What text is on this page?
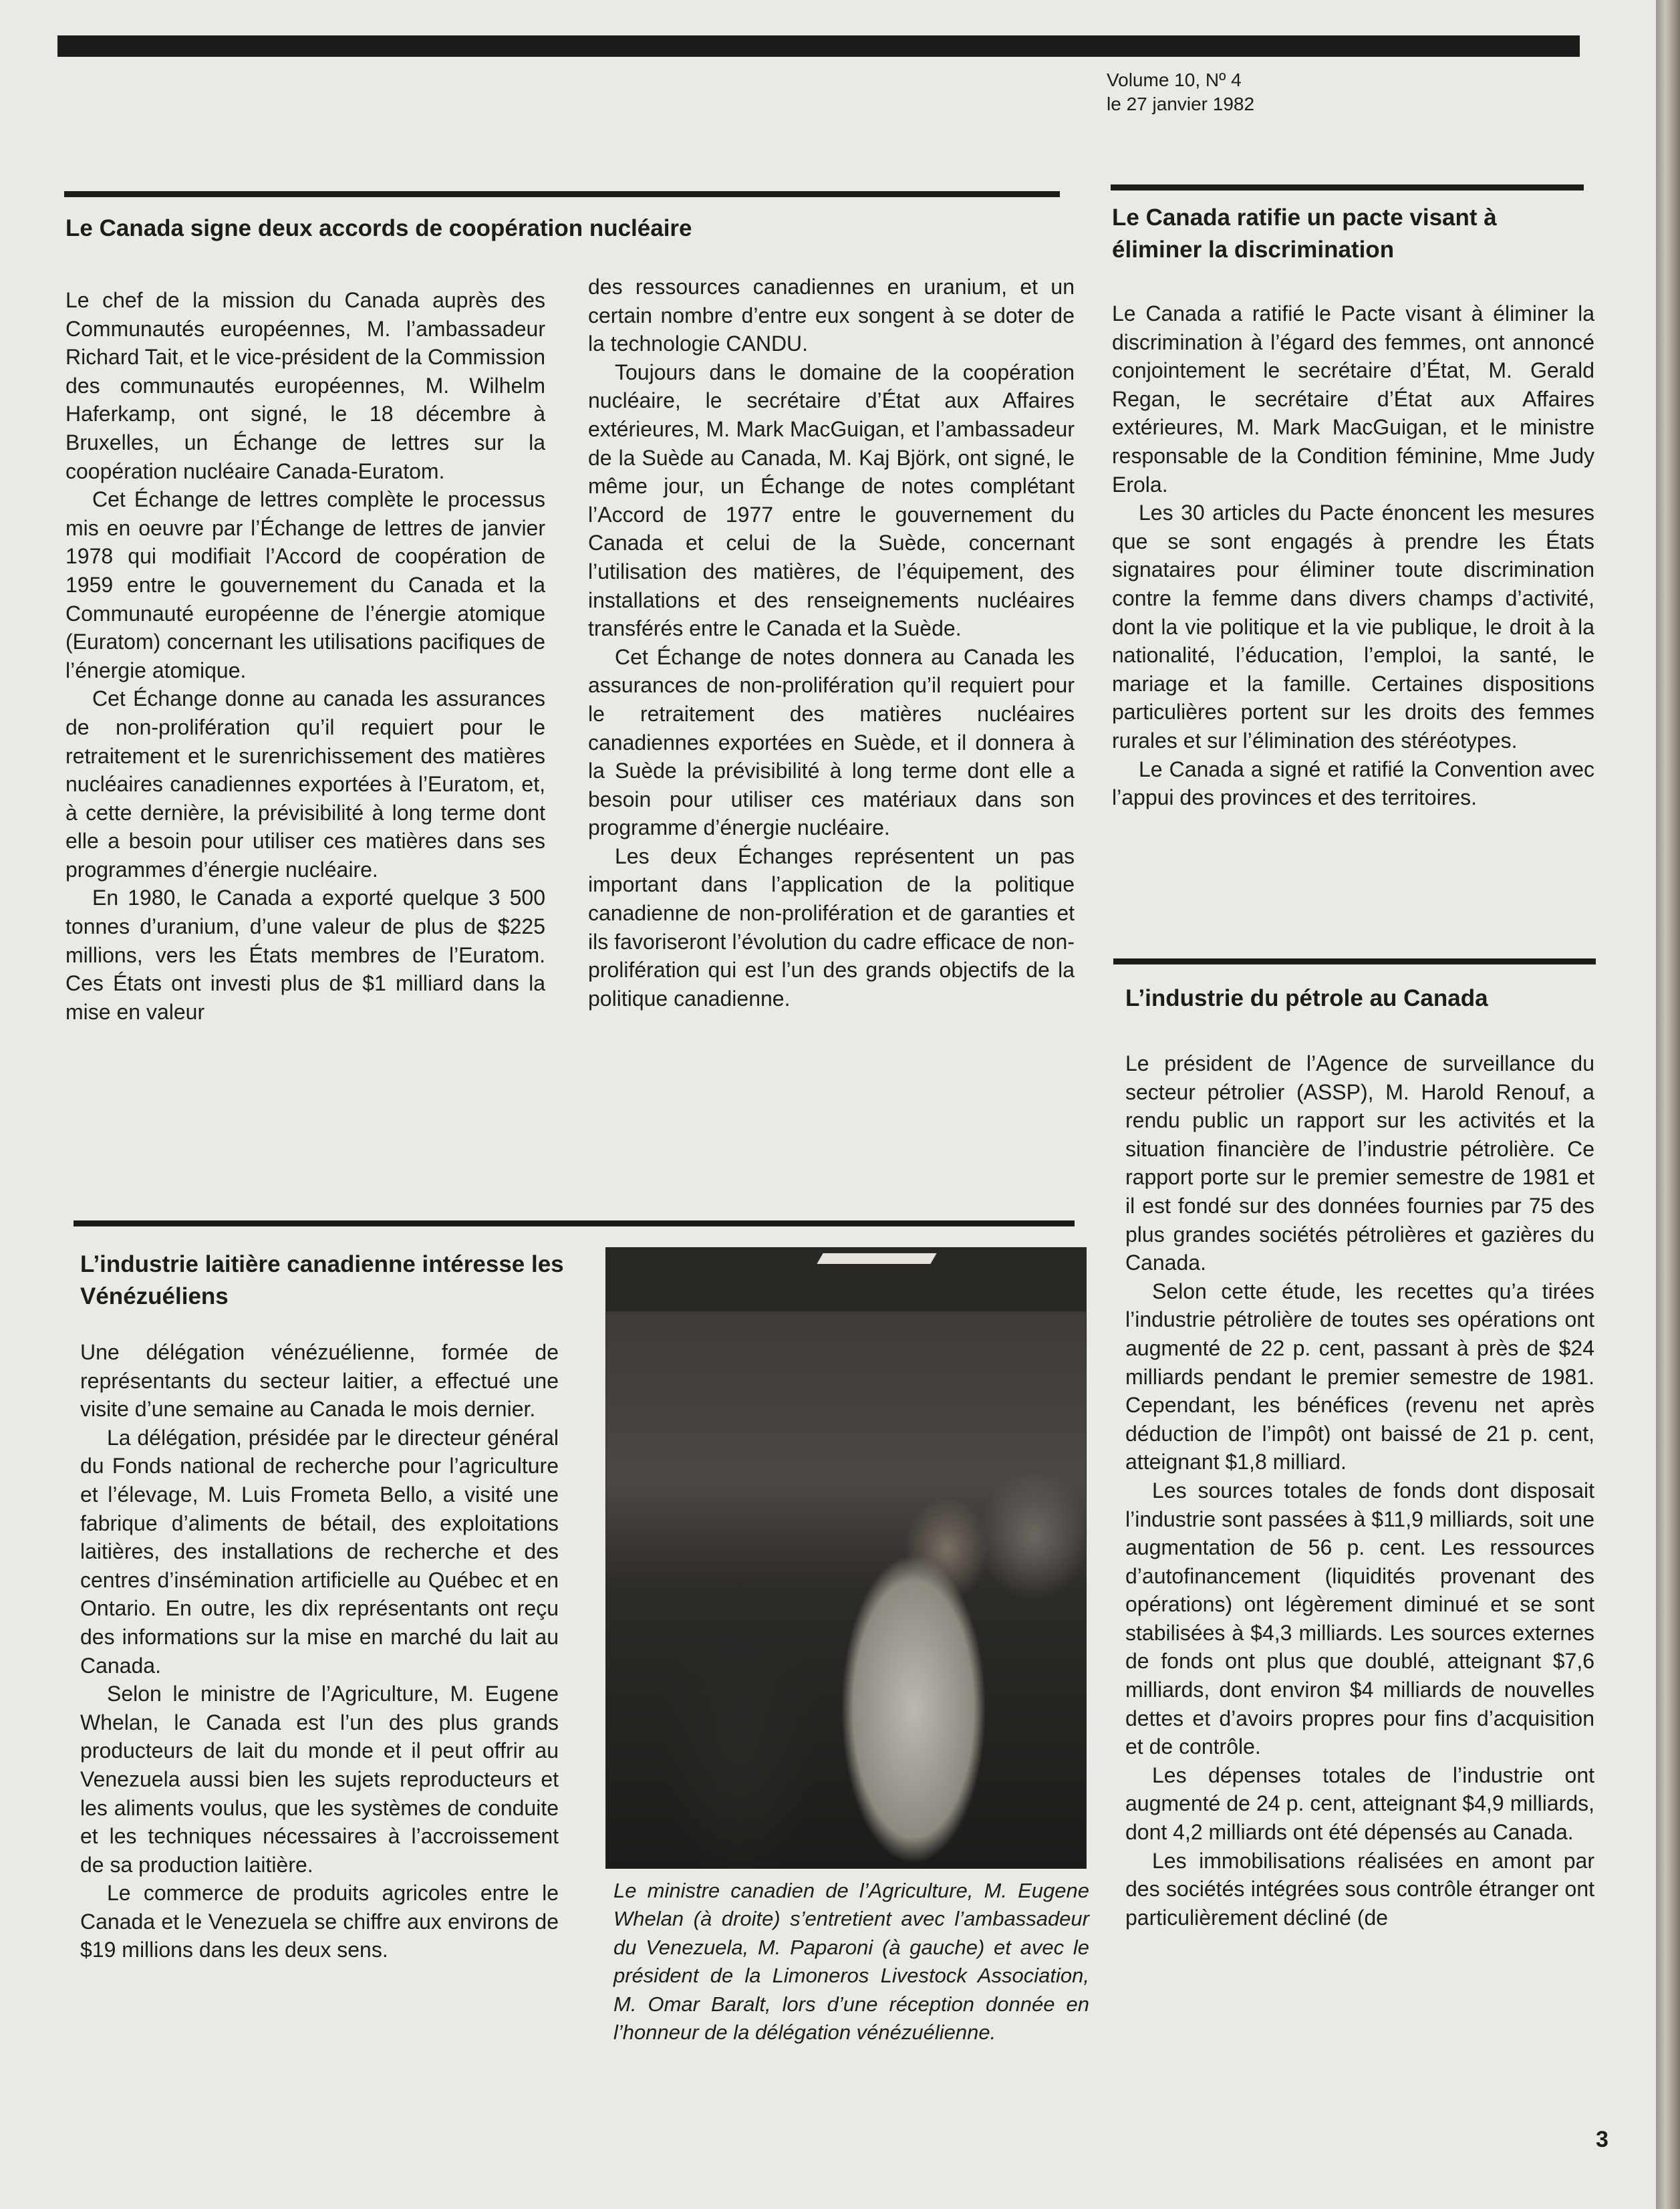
Volume 10, Nº 4
le 27 janvier 1982
Le Canada signe deux accords de coopération nucléaire

Le chef de la mission du Canada auprès des Communautés européennes, M. l’ambassadeur Richard Tait, et le vice-président de la Commission des communautés européennes, M. Wilhelm Haferkamp, ont signé, le 18 décembre à Bruxelles, un Échange de lettres sur la coopération nucléaire Canada-Euratom.

Cet Échange de lettres complète le processus mis en oeuvre par l’Échange de lettres de janvier 1978 qui modifiait l’Accord de coopération de 1959 entre le gouvernement du Canada et la Communauté européenne de l’énergie atomique (Euratom) concernant les utilisations pacifiques de l’énergie atomique.

Cet Échange donne au canada les assurances de non-prolifération qu’il requiert pour le retraitement et le surenrichissement des matières nucléaires canadiennes exportées à l’Euratom, et, à cette dernière, la prévisibilité à long terme dont elle a besoin pour utiliser ces matières dans ses programmes d’énergie nucléaire.

En 1980, le Canada a exporté quelque 3 500 tonnes d’uranium, d’une valeur de plus de $225 millions, vers les États membres de l’Euratom. Ces États ont investi plus de $1 milliard dans la mise en valeur

des ressources canadiennes en uranium, et un certain nombre d’entre eux songent à se doter de la technologie CANDU.

Toujours dans le domaine de la coopération nucléaire, le secrétaire d’État aux Affaires extérieures, M. Mark MacGuigan, et l’ambassadeur de la Suède au Canada, M. Kaj Björk, ont signé, le même jour, un Échange de notes complétant l’Accord de 1977 entre le gouvernement du Canada et celui de la Suède, concernant l’utilisation des matières, de l’équipement, des installations et des renseignements nucléaires transférés entre le Canada et la Suède.

Cet Échange de notes donnera au Canada les assurances de non-prolifération qu’il requiert pour le retraitement des matières nucléaires canadiennes exportées en Suède, et il donnera à la Suède la prévisibilité à long terme dont elle a besoin pour utiliser ces matériaux dans son programme d’énergie nucléaire.

Les deux Échanges représentent un pas important dans l’application de la politique canadienne de non-prolifération et de garanties et ils favoriseront l’évolution du cadre efficace de non-prolifération qui est l’un des grands objectifs de la politique canadienne.

Le Canada ratifie un pacte visant à éliminer la discrimination

Le Canada a ratifié le Pacte visant à éliminer la discrimination à l’égard des femmes, ont annoncé conjointement le secrétaire d’État, M. Gerald Regan, le secrétaire d’État aux Affaires extérieures, M. Mark MacGuigan, et le ministre responsable de la Condition féminine, Mme Judy Erola.

Les 30 articles du Pacte énoncent les mesures que se sont engagés à prendre les États signataires pour éliminer toute discrimination contre la femme dans divers champs d’activité, dont la vie politique et la vie publique, le droit à la nationalité, l’éducation, l’emploi, la santé, le mariage et la famille. Certaines dispositions particulières portent sur les droits des femmes rurales et sur l’élimination des stéréotypes.

Le Canada a signé et ratifié la Convention avec l’appui des provinces et des territoires.

L’industrie du pétrole au Canada

Le président de l’Agence de surveillance du secteur pétrolier (ASSP), M. Harold Renouf, a rendu public un rapport sur les activités et la situation financière de l’industrie pétrolière. Ce rapport porte sur le premier semestre de 1981 et il est fondé sur des données fournies par 75 des plus grandes sociétés pétrolières et gazières du Canada.

Selon cette étude, les recettes qu’a tirées l’industrie pétrolière de toutes ses opérations ont augmenté de 22 p. cent, passant à près de $24 milliards pendant le premier semestre de 1981. Cependant, les bénéfices (revenu net après déduction de l’impôt) ont baissé de 21 p. cent, atteignant $1,8 milliard.

Les sources totales de fonds dont disposait l’industrie sont passées à $11,9 milliards, soit une augmentation de 56 p. cent. Les ressources d’autofinancement (liquidités provenant des opérations) ont légèrement diminué et se sont stabilisées à $4,3 milliards. Les sources externes de fonds ont plus que doublé, atteignant $7,6 milliards, dont environ $4 milliards de nouvelles dettes et d’avoirs propres pour fins d’acquisition et de contrôle.

Les dépenses totales de l’industrie ont augmenté de 24 p. cent, atteignant $4,9 milliards, dont 4,2 milliards ont été dépensés au Canada.

Les immobilisations réalisées en amont par des sociétés intégrées sous contrôle étranger ont particulièrement décliné (de

L’industrie laitière canadienne intéresse les Vénézuéliens

Une délégation vénézuélienne, formée de représentants du secteur laitier, a effectué une visite d’une semaine au Canada le mois dernier.

La délégation, présidée par le directeur général du Fonds national de recherche pour l’agriculture et l’élevage, M. Luis Frometa Bello, a visité une fabrique d’aliments de bétail, des exploitations laitières, des installations de recherche et des centres d’insémination artificielle au Québec et en Ontario. En outre, les dix représentants ont reçu des informations sur la mise en marché du lait au Canada.

Selon le ministre de l’Agriculture, M. Eugene Whelan, le Canada est l’un des plus grands producteurs de lait du monde et il peut offrir au Venezuela aussi bien les sujets reproducteurs et les aliments voulus, que les systèmes de conduite et les techniques nécessaires à l’accroissement de sa production laitière.

Le commerce de produits agricoles entre le Canada et le Venezuela se chiffre aux environs de $19 millions dans les deux sens.

Le ministre canadien de l’Agriculture, M. Eugene Whelan (à droite) s’entretient avec l’ambassadeur du Venezuela, M. Paparoni (à gauche) et avec le président de la Limoneros Livestock Association, M. Omar Baralt, lors d’une réception donnée en l’honneur de la délégation vénézuélienne.

3
